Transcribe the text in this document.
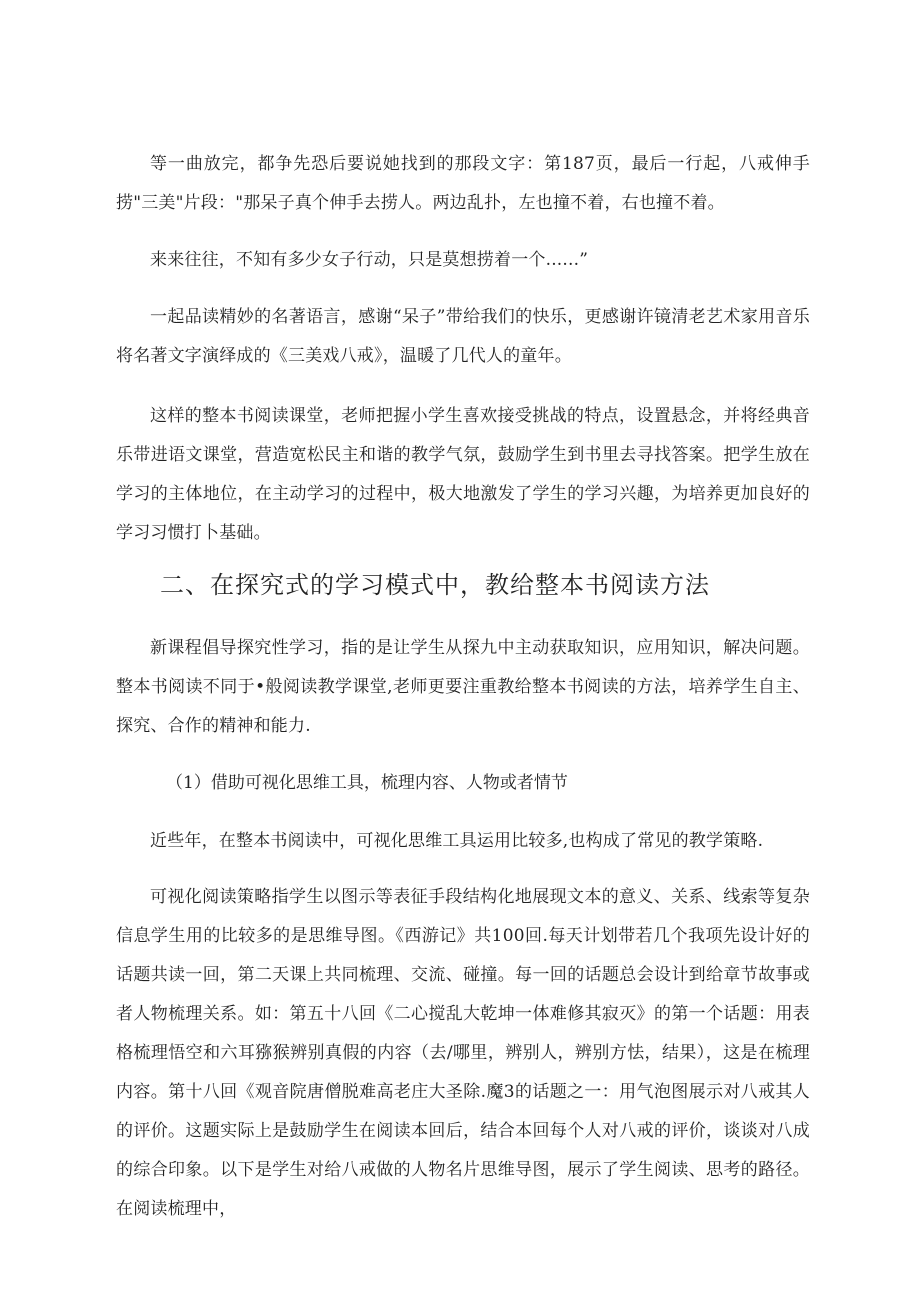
等一曲放完，都争先恐后要说她找到的那段文字：第187页，最后一行起，八戒伸手捞"三美"片段："那呆子真个伸手去捞人。两边乱扑，左也撞不着，右也撞不着。
来来往往，不知有多少女子行动，只是莫想捞着一个......”
一起品读精妙的名著语言，感谢“呆子”带给我们的快乐，更感谢许镜清老艺术家用音乐将名著文字演绎成的《三美戏八戒》，温暖了几代人的童年。
这样的整本书阅读课堂，老师把握小学生喜欢接受挑战的特点，设置悬念，并将经典音乐带进语文课堂，营造宽松民主和谐的教学气氛，鼓励学生到书里去寻找答案。把学生放在学习的主体地位，在主动学习的过程中，极大地激发了学生的学习兴趣，为培养更加良好的学习习惯打卜基础。
二、在探究式的学习模式中，教给整本书阅读方法
新课程倡导探究性学习，指的是让学生从探九中主动获取知识，应用知识，解决问题。整本书阅读不同于•般阅读教学课堂,老师更要注重教给整本书阅读的方法，培养学生自主、探究、合作的精神和能力.
（1）借助可视化思维工具，梳理内容、人物或者情节
近些年，在整本书阅读中，可视化思维工具运用比较多,也构成了常见的教学策略.
可视化阅读策略指学生以图示等表征手段结构化地展现文本的意义、关系、线索等复杂信息学生用的比较多的是思维导图。《西游记》共100回.每天计划带若几个我项先设计好的话题共读一回，第二天课上共同梳理、交流、碰撞。每一回的话题总会设计到给章节故事或者人物梳理关系。如：第五十八回《二心搅乱大乾坤一体难修其寂灭》的第一个话题：用表格梳理悟空和六耳猕猴辨别真假的内容（去/哪里，辨别人，辨别方怯，结果），这是在梳理内容。第十八回《观音院唐僧脱难高老庄大圣除.魔3的话题之一：用气泡图展示对八戒其人的评价。这题实际上是鼓励学生在阅读本回后，结合本回每个人对八戒的评价，谈谈对八成的综合印象。以下是学生对给八戒做的人物名片思维导图，展示了学生阅读、思考的路径。在阅读梳理中，
